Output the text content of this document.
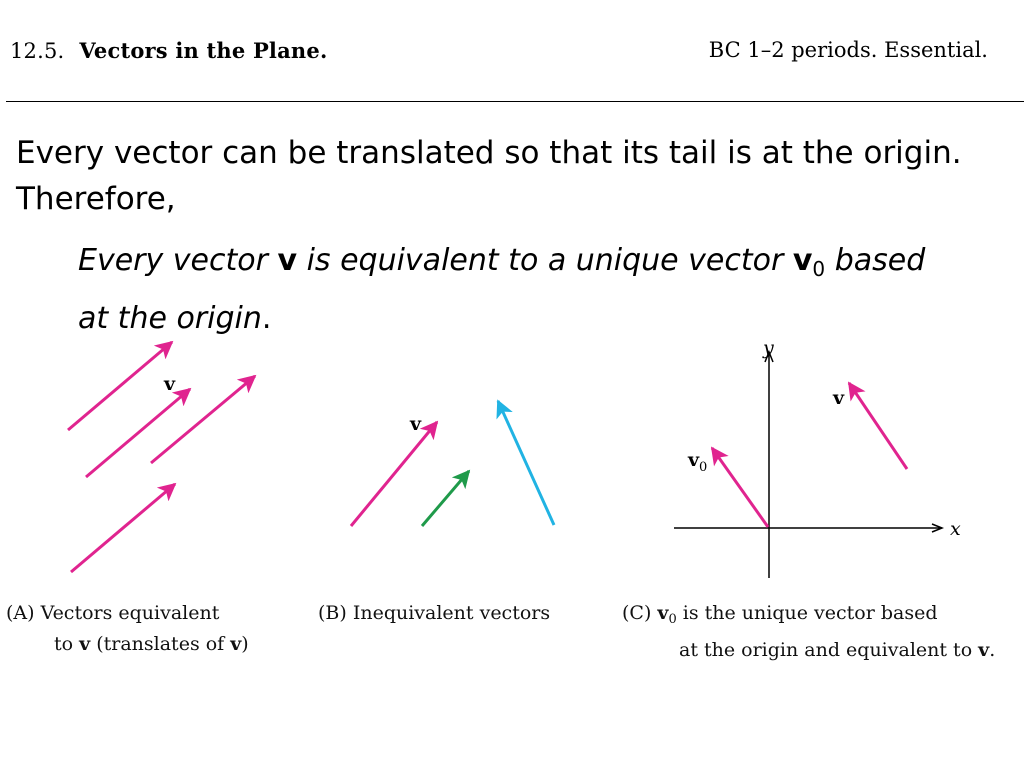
12.5. Vectors in the Plane.	BC 1–2 periods. Essential.

Every vector can be translated so that its tail is at the origin.

Therefore,

Every vector v is equivalent to a unique vector $v_0$ based
at the origin.
v
v
x
y
v
$v_0$
(A) Vectors equivalent
to v (translates of v)
(B) Inequivalent vectors	(C) $v_0$ is the unique vector based
at the origin and equivalent to v.
